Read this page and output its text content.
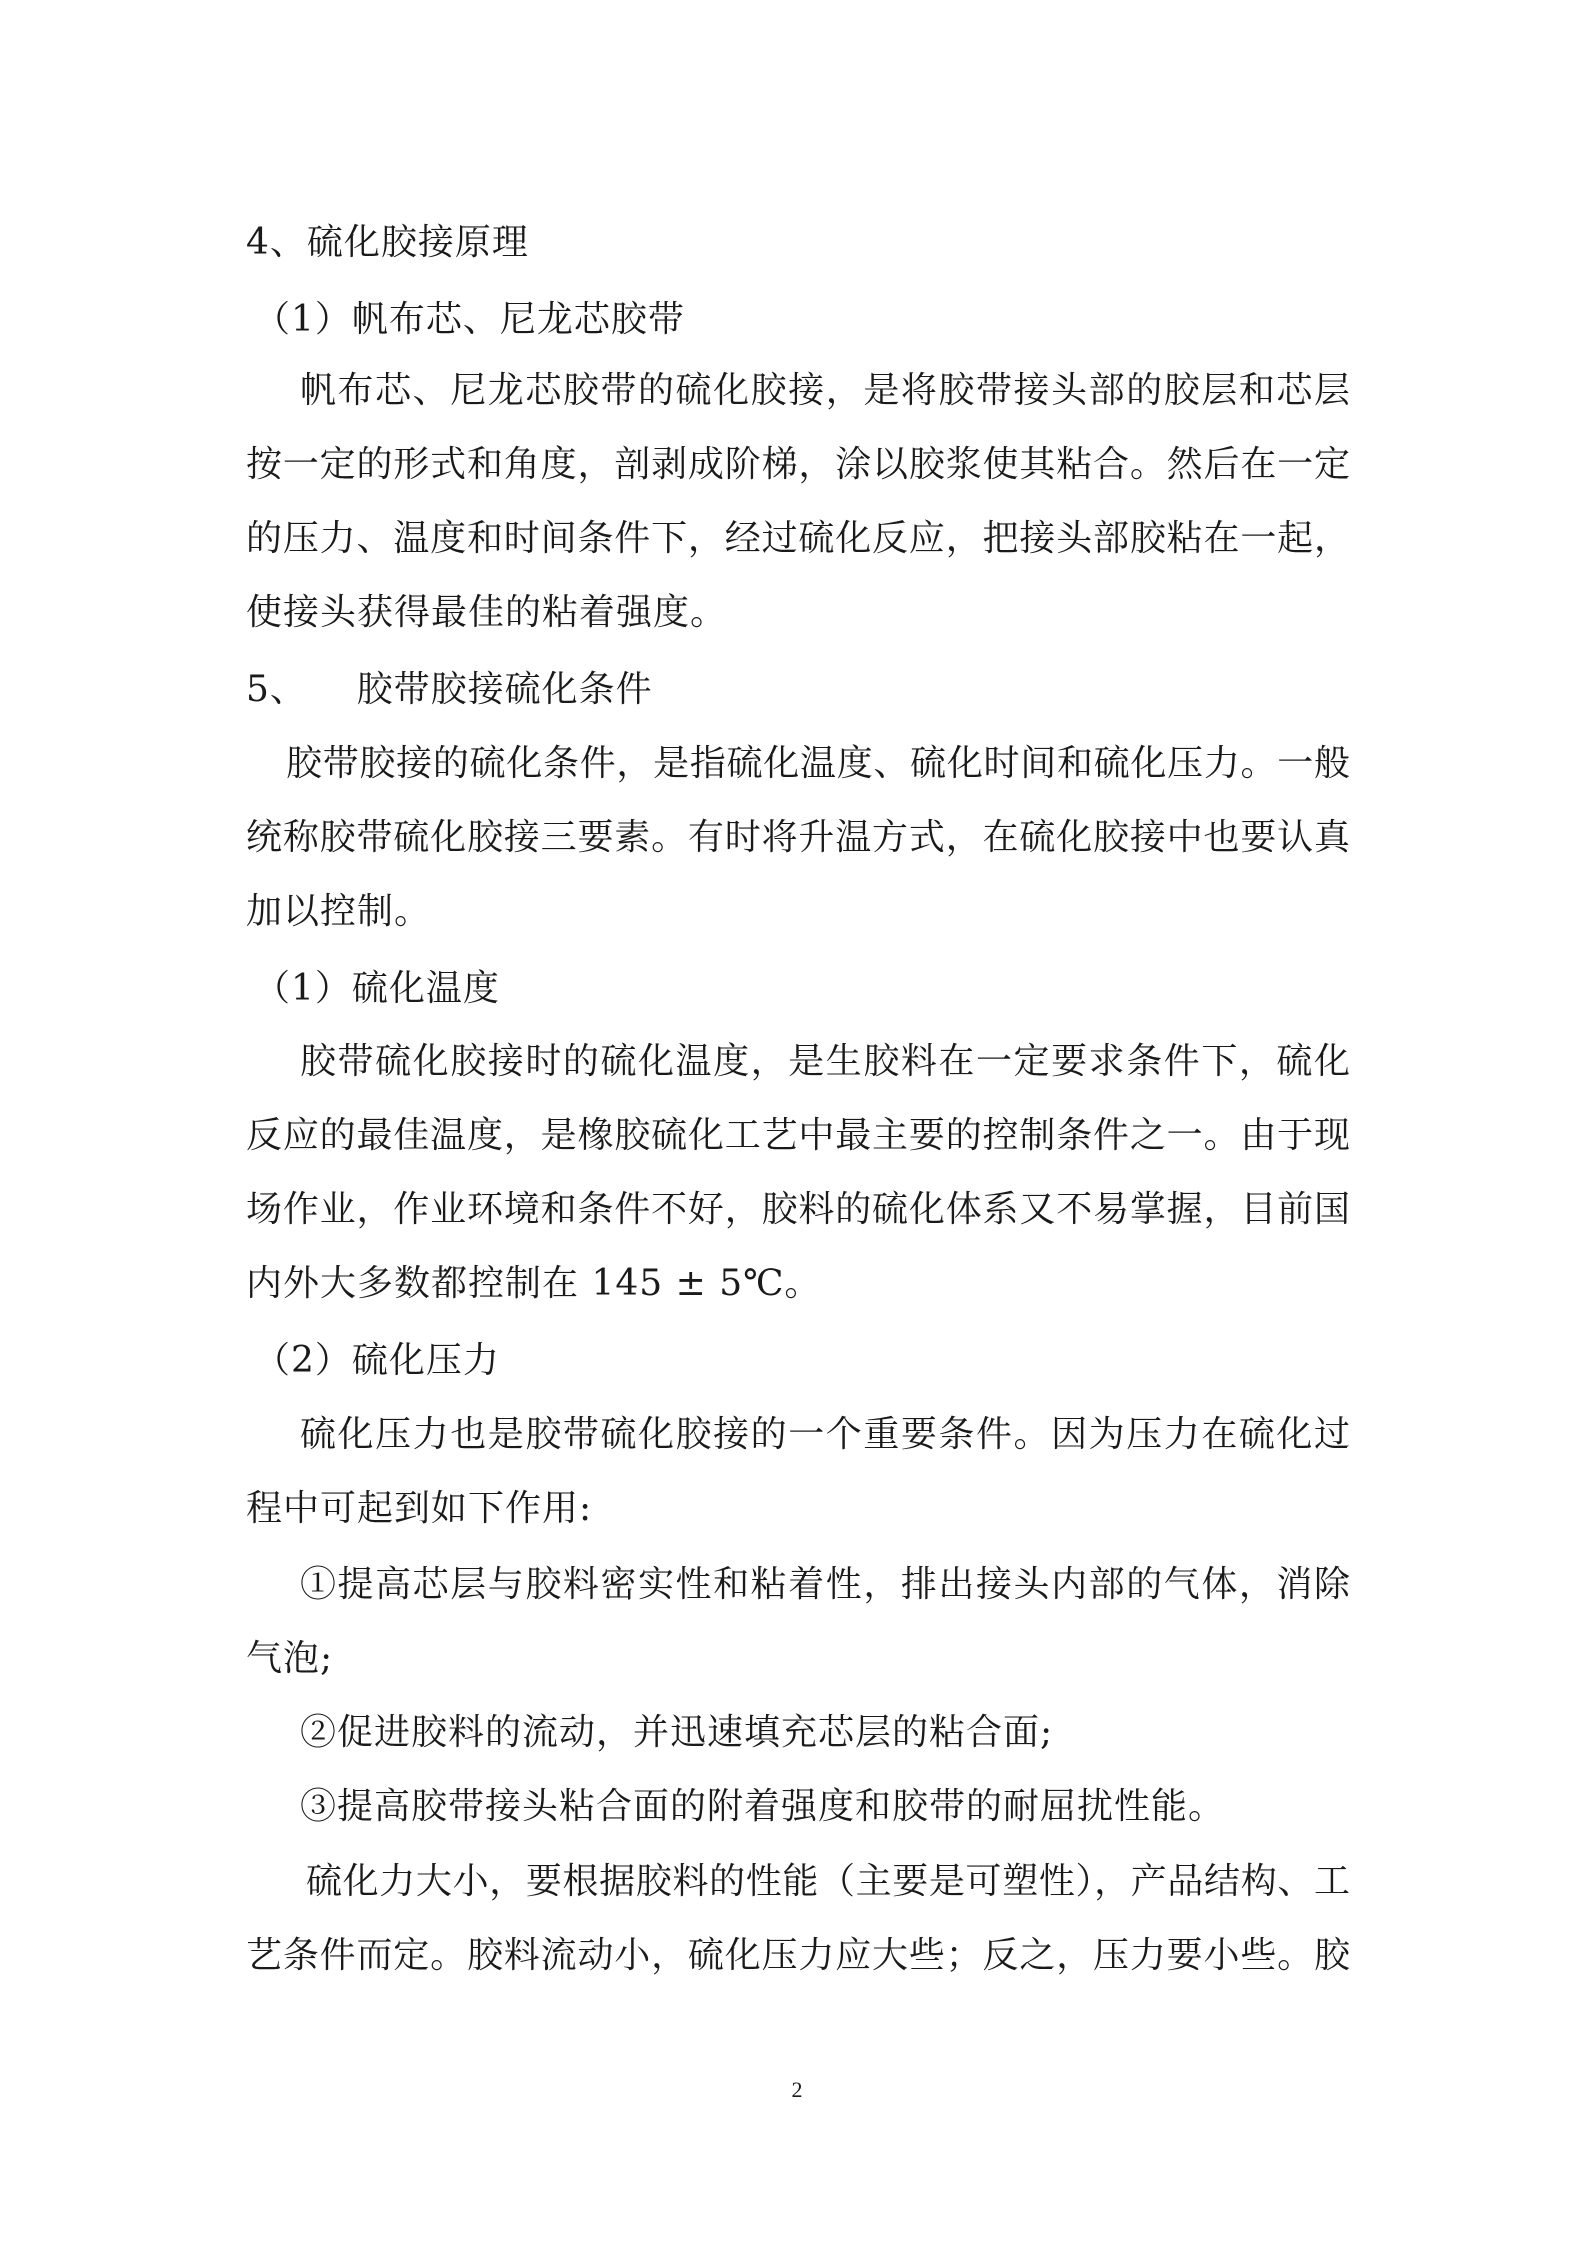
4、硫化胶接原理
（1）帆布芯、尼龙芯胶带
帆布芯、尼龙芯胶带的硫化胶接，是将胶带接头部的胶层和芯层
按一定的形式和角度，剖剥成阶梯，涂以胶浆使其粘合。然后在一定
的压力、温度和时间条件下，经过硫化反应，把接头部胶粘在一起，
使接头获得最佳的粘着强度。
5、    胶带胶接硫化条件
胶带胶接的硫化条件，是指硫化温度、硫化时间和硫化压力。一般
统称胶带硫化胶接三要素。有时将升温方式，在硫化胶接中也要认真
加以控制。
（1）硫化温度
胶带硫化胶接时的硫化温度，是生胶料在一定要求条件下，硫化
反应的最佳温度，是橡胶硫化工艺中最主要的控制条件之一。由于现
场作业，作业环境和条件不好，胶料的硫化体系又不易掌握，目前国
内外大多数都控制在 145 ± 5℃。
（2）硫化压力
硫化压力也是胶带硫化胶接的一个重要条件。因为压力在硫化过
程中可起到如下作用:
①提高芯层与胶料密实性和粘着性，排出接头内部的气体，消除
气泡;
②促进胶料的流动，并迅速填充芯层的粘合面;
③提高胶带接头粘合面的附着强度和胶带的耐屈扰性能。
硫化力大小，要根据胶料的性能（主要是可塑性），产品结构、工
艺条件而定。胶料流动小，硫化压力应大些；反之，压力要小些。胶
2
